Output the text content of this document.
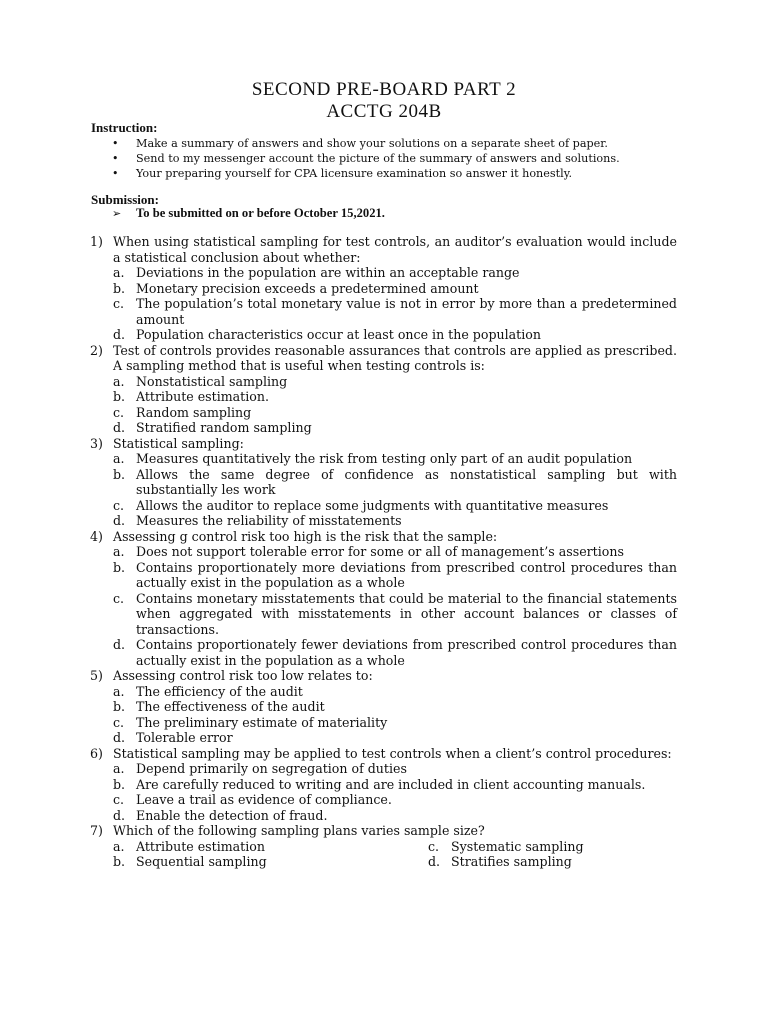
SECOND PRE-BOARD PART 2
ACCTG 204B
Instruction:
• Make a summary of answers and show your solutions on a separate sheet of paper.
• Send to my messenger account the picture of the summary of answers and solutions.
• Your preparing yourself for CPA licensure examination so answer it honestly.
Submission:
➢ To be submitted on or before October 15,2021.
1) When using statistical sampling for test controls, an auditor’s evaluation would include a statistical conclusion about whether:
a. Deviations in the population are within an acceptable range
b. Monetary precision exceeds a predetermined amount
c. The population’s total monetary value is not in error by more than a predetermined amount
d. Population characteristics occur at least once in the population
2) Test of controls provides reasonable assurances that controls are applied as prescribed. A sampling method that is useful when testing controls is:
a. Nonstatistical sampling
b. Attribute estimation.
c. Random sampling
d. Stratified random sampling
3) Statistical sampling:
a. Measures quantitatively the risk from testing only part of an audit population
b. Allows the same degree of confidence as nonstatistical sampling but with substantially les work
c. Allows the auditor to replace some judgments with quantitative measures
d. Measures the reliability of misstatements
4) Assessing g control risk too high is the risk that the sample:
a. Does not support tolerable error for some or all of management’s assertions
b. Contains proportionately more deviations from prescribed control procedures than actually exist in the population as a whole
c. Contains monetary misstatements that could be material to the financial statements when aggregated with misstatements in other account balances or classes of transactions.
d. Contains proportionately fewer deviations from prescribed control procedures than actually exist in the population as a whole
5) Assessing control risk too low relates to:
a. The efficiency of the audit
b. The effectiveness of the audit
c. The preliminary estimate of materiality
d. Tolerable error
6) Statistical sampling may be applied to test controls when a client’s control procedures:
a. Depend primarily on segregation of duties
b. Are carefully reduced to writing and are included in client accounting manuals.
c. Leave a trail as evidence of compliance.
d. Enable the detection of fraud.
7) Which of the following sampling plans varies sample size?
a. Attribute estimation	c. Systematic sampling
b. Sequential sampling	d. Stratifies sampling
